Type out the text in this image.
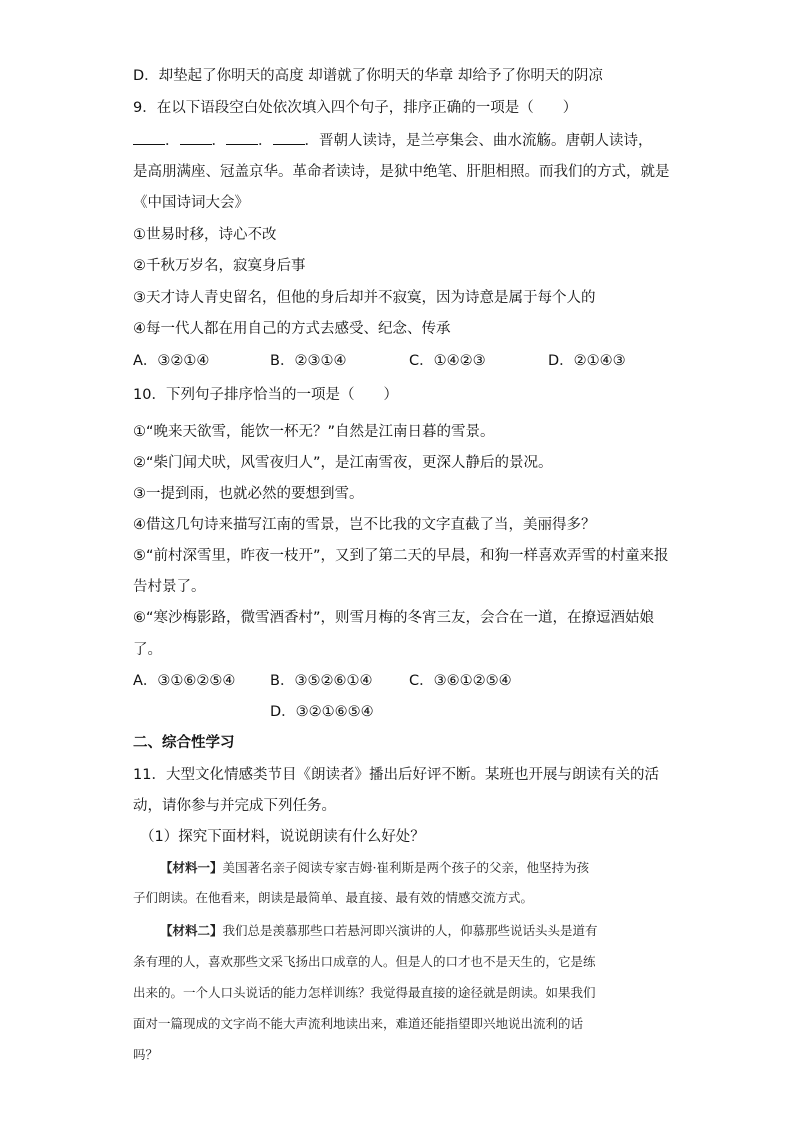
D．却垫起了你明天的高度 却谱就了你明天的华章 却给予了你明天的阴凉
9．在以下语段空白处依次填入四个句子，排序正确的一项是（　　）
． ． ． ．晋朝人读诗，是兰亭集会、曲水流觞。唐朝人读诗，
是高朋满座、冠盖京华。革命者读诗，是狱中绝笔、肝胆相照。而我们的方式，就是
《中国诗词大会》
①世易时移，诗心不改
②千秋万岁名，寂寞身后事
③天才诗人青史留名，但他的身后却并不寂寞，因为诗意是属于每个人的
④每一代人都在用自己的方式去感受、纪念、传承
A．③②①④	B．②③①④	C．①④②③	D．②①④③
10．下列句子排序恰当的一项是（　　）
①“晚来天欲雪，能饮一杯无？”自然是江南日暮的雪景。
②“柴门闻犬吠，风雪夜归人”，是江南雪夜，更深人静后的景况。
③一提到雨，也就必然的要想到雪。
④借这几句诗来描写江南的雪景，岂不比我的文字直截了当，美丽得多？
⑤“前村深雪里，昨夜一枝开”，又到了第二天的早晨，和狗一样喜欢弄雪的村童来报
告村景了。
⑥“寒沙梅影路，微雪酒香村”，则雪月梅的冬宵三友，会合在一道，在撩逗酒姑娘
了。
A．③①⑥②⑤④ B．③⑤②⑥①④	C．③⑥①②⑤④
D．③②①⑥⑤④
二、综合性学习
11．大型文化情感类节目《朗读者》播出后好评不断。某班也开展与朗读有关的活
动，请你参与并完成下列任务。
（1）探究下面材料，说说朗读有什么好处？
【材料一】美国著名亲子阅读专家吉姆·崔利斯是两个孩子的父亲，他坚持为孩
子们朗读。在他看来，朗读是最简单、最直接、最有效的情感交流方式。
【材料二】我们总是羡慕那些口若悬河即兴演讲的人，仰慕那些说话头头是道有
条有理的人，喜欢那些文采飞扬出口成章的人。但是人的口才也不是天生的，它是练
出来的。一个人口头说话的能力怎样训练？我觉得最直接的途径就是朗读。如果我们
面对一篇现成的文字尚不能大声流利地读出来，难道还能指望即兴地说出流利的话
吗？
